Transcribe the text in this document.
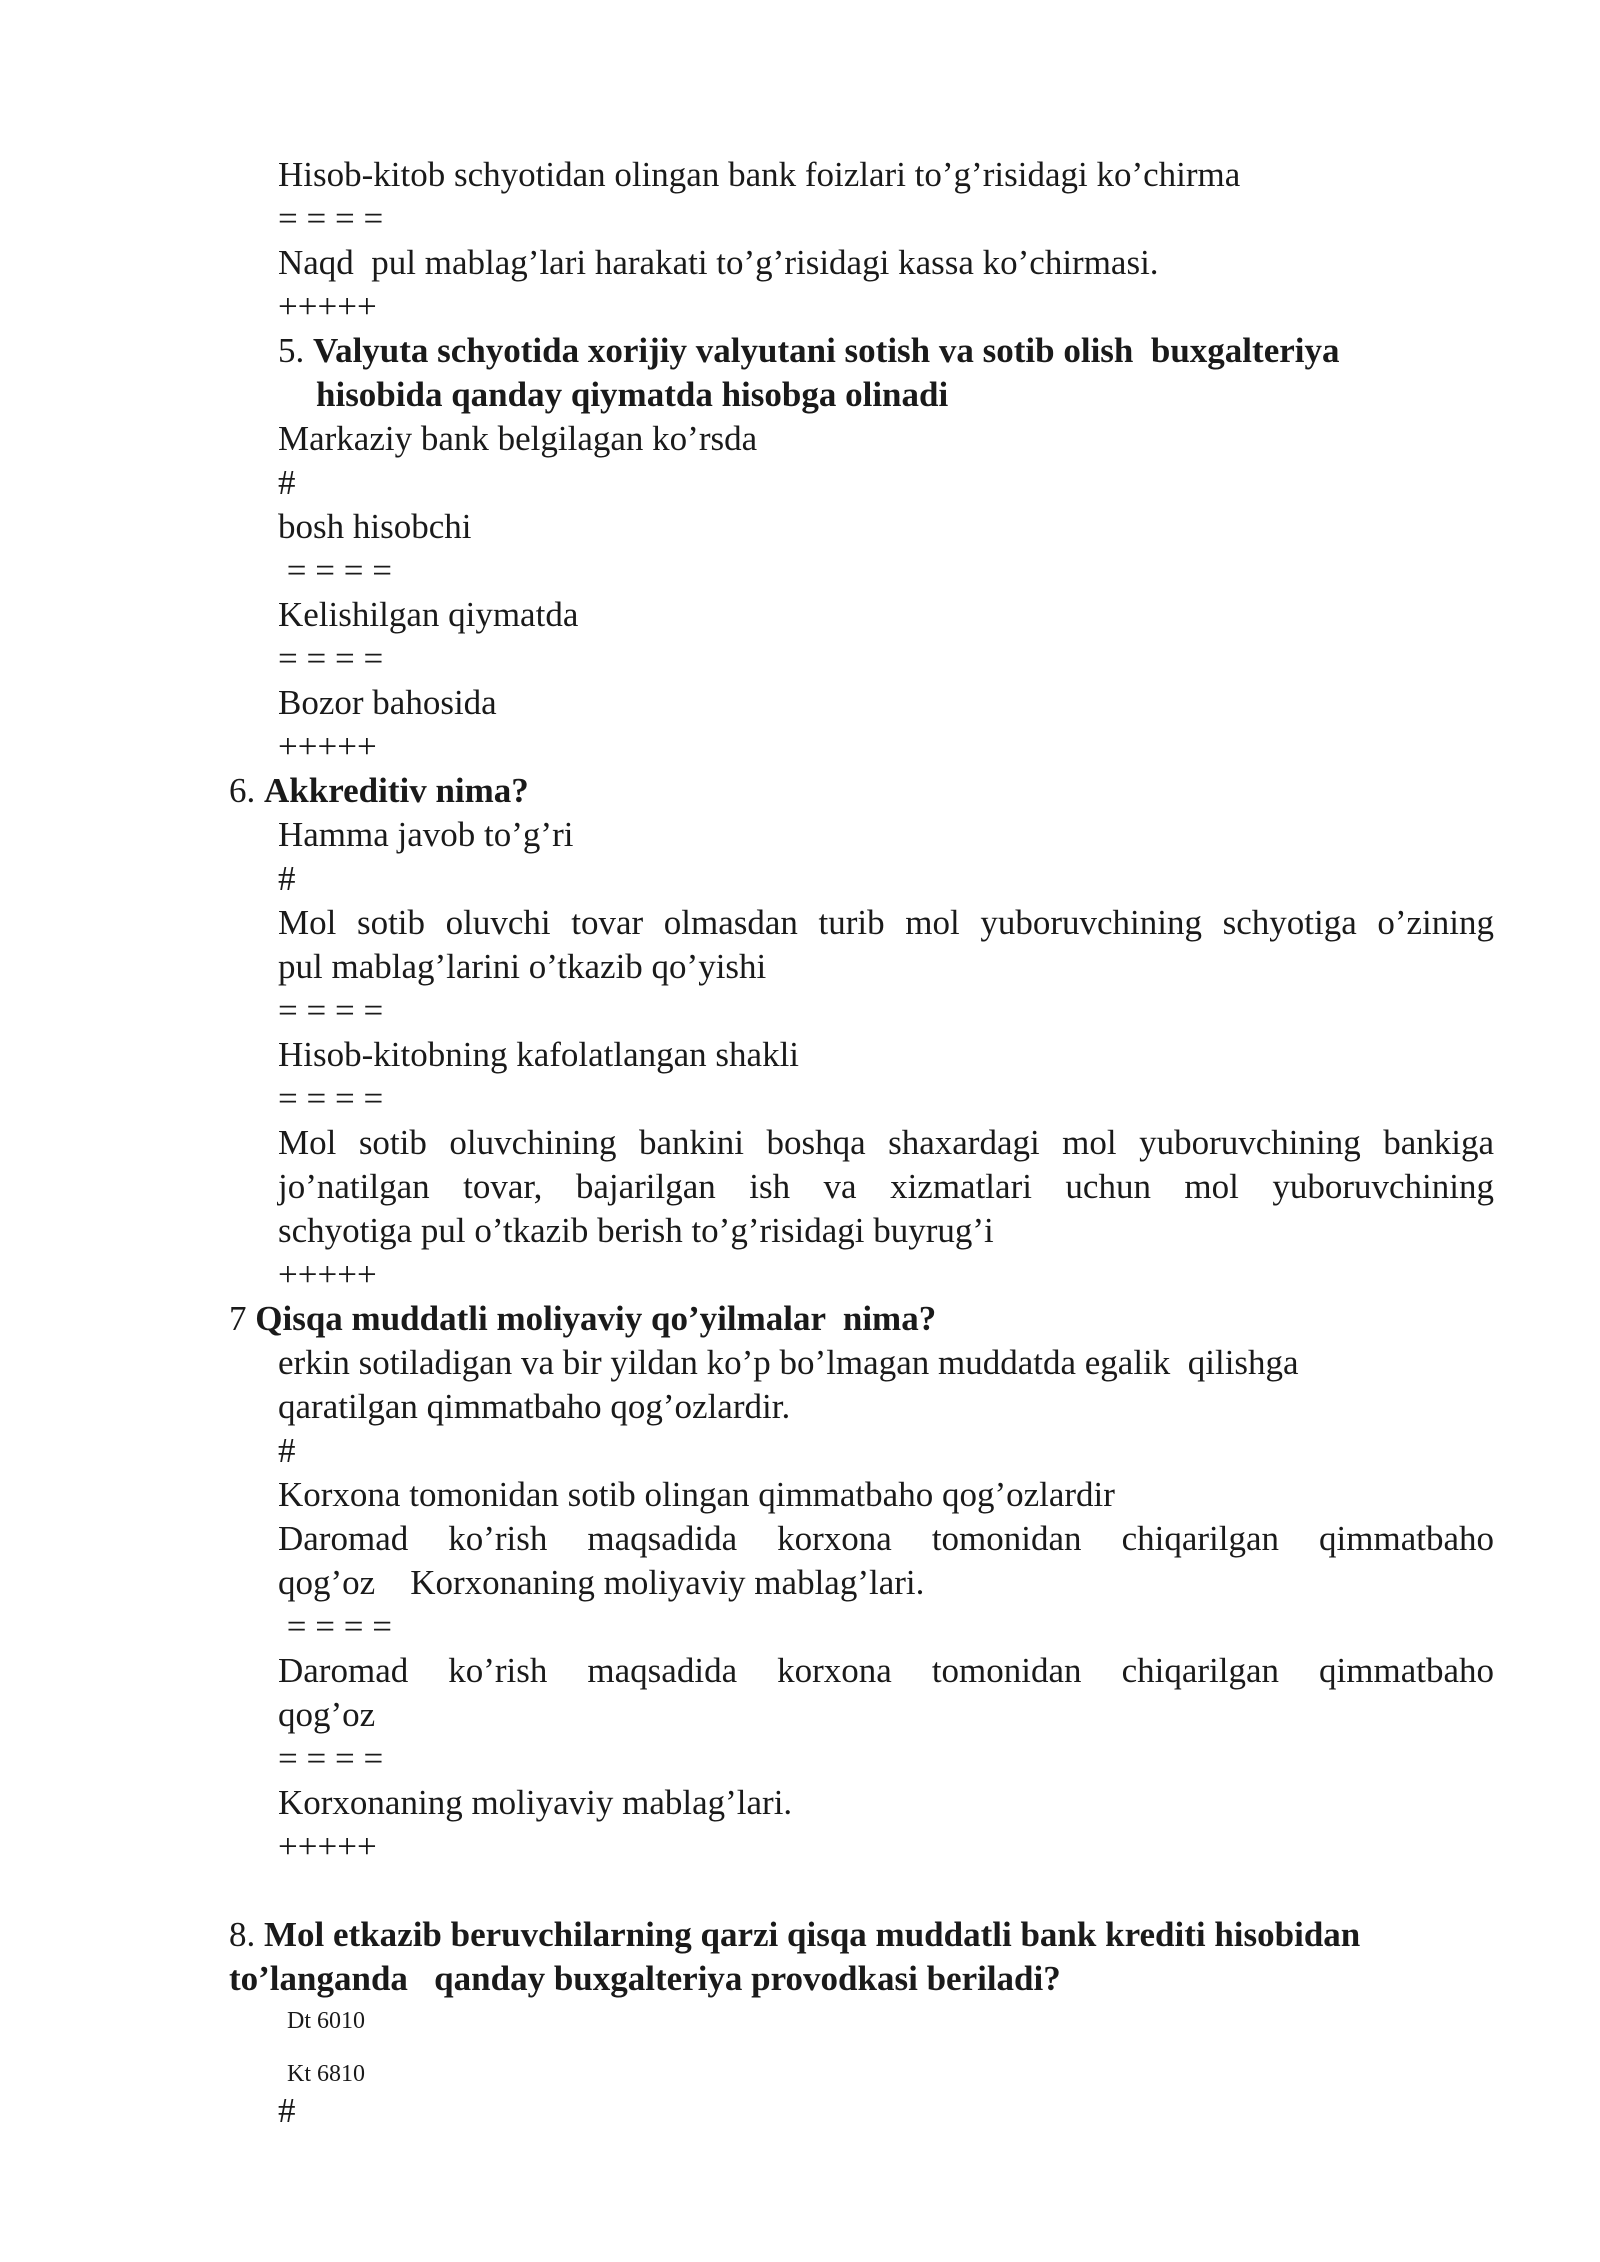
Hisob-kitob schyotidan olingan bank foizlari to’g’risidagi ko’chirma

= = = =

Naqd  pul mablag’lari harakati to’g’risidagi kassa ko’chirmasi.

+++++

5. Valyuta schyotida xorijiy valyutani sotish va sotib olish  buxgalteriya

hisobida qanday qiymatda hisobga olinadi

Markaziy bank belgilagan ko’rsda

#

bosh hisobchi

= = = =

Kelishilgan qiymatda

= = = =

Bozor bahosida

+++++

6. Akkreditiv nima?

Hamma javob to’g’ri

#

Mol sotib oluvchi tovar olmasdan turib mol yuboruvchining schyotiga o’zining

pul mablag’larini o’tkazib qo’yishi

= = = =

Hisob-kitobning kafolatlangan shakli

= = = =

Mol sotib oluvchining bankini boshqa shaxardagi mol yuboruvchining bankiga

jo’natilgan tovar, bajarilgan ish va xizmatlari uchun mol yuboruvchining

schyotiga pul o’tkazib berish to’g’risidagi buyrug’i

+++++

7 Qisqa muddatli moliyaviy qo’yilmalar  nima?

erkin sotiladigan va bir yildan ko’p bo’lmagan muddatda egalik  qilishga

qaratilgan qimmatbaho qog’ozlardir.

#

Korxona tomonidan sotib olingan qimmatbaho qog’ozlardir

Daromad ko’rish maqsadida korxona tomonidan chiqarilgan qimmatbaho

qog’oz    Korxonaning moliyaviy mablag’lari.

= = = =

Daromad ko’rish maqsadida korxona tomonidan chiqarilgan qimmatbaho

qog’oz

= = = =

Korxonaning moliyaviy mablag’lari.

+++++

8. Mol etkazib beruvchilarning qarzi qisqa muddatli bank krediti hisobidan

to’langanda   qanday buxgalteriya provodkasi beriladi?

Dt 6010

Kt 6810

#
